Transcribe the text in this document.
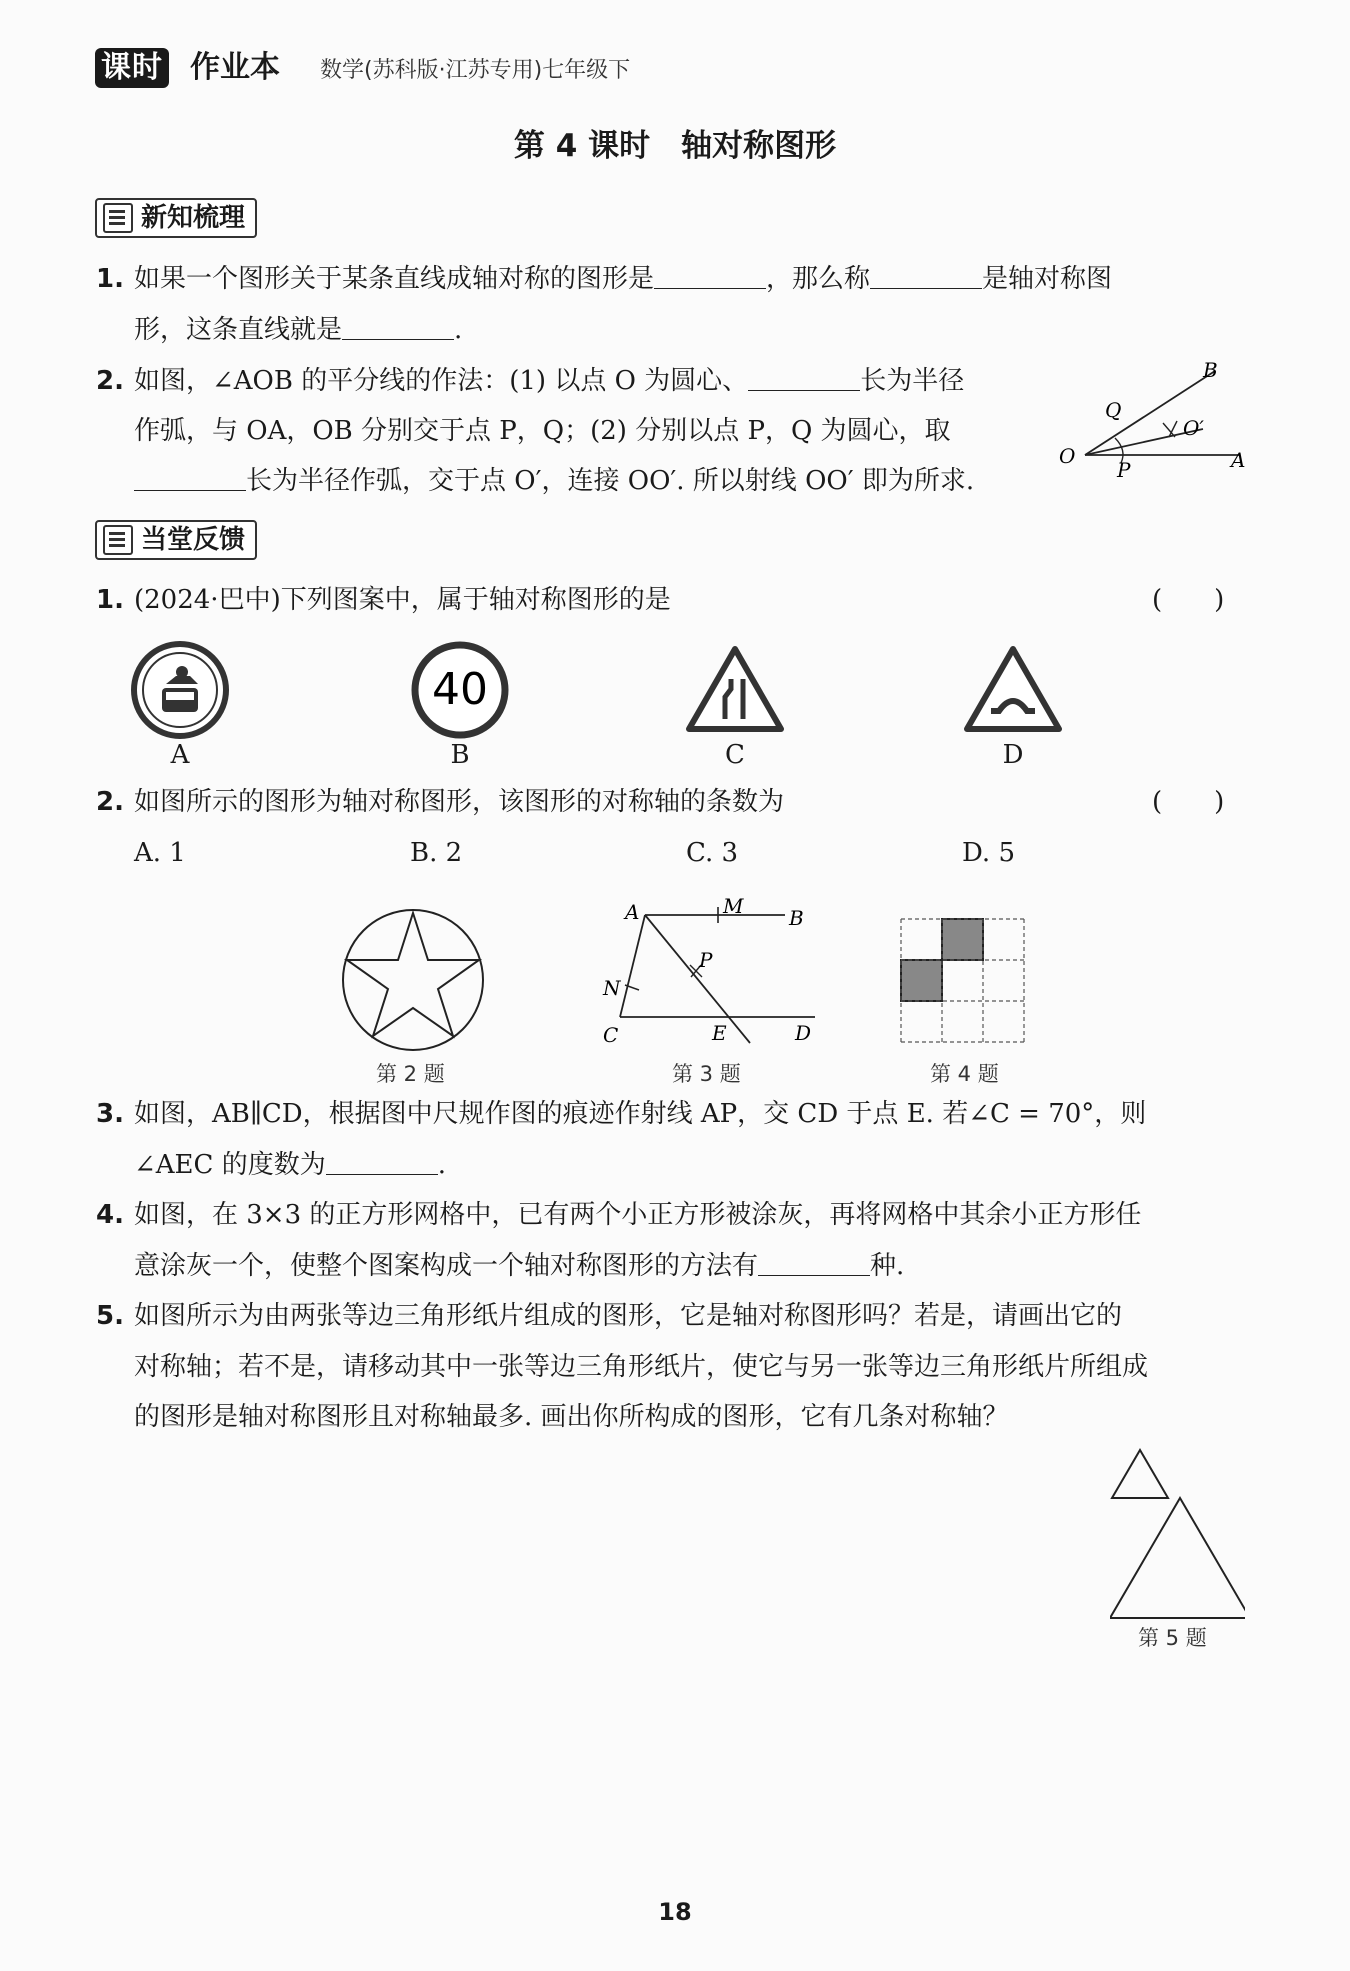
课时 作业本 数学(苏科版·江苏专用)七年级下
第 4 课时　轴对称图形
新知梳理
1. 如果一个图形关于某条直线成轴对称的图形是	，那么称	是轴对称图
形，这条直线就是	.
2. 如图，∠AOB 的平分线的作法：(1) 以点 O 为圆心、	长为半径
作弧，与 OA，OB 分别交于点 P，Q；(2) 分别以点 P，Q 为圆心，取
长为半径作弧，交于点 O′，连接 OO′. 所以射线 OO′ 即为所求.
B
Q
O′
O
P	A
当堂反馈
1. (2024·巴中)下列图案中，属于轴对称图形的是	(　　)
40
A	B	C	D
2. 如图所示的图形为轴对称图形，该图形的对称轴的条数为	(　　)
A. 1	B. 2	C. 3	D. 5
第 2 题
A	M B
P
N
C	E	D
第 3 题	第 4 题
3. 如图，AB∥CD，根据图中尺规作图的痕迹作射线 AP，交 CD 于点 E. 若∠C = 70°，则
∠AEC 的度数为	.
4. 如图，在 3×3 的正方形网格中，已有两个小正方形被涂灰，再将网格中其余小正方形任
意涂灰一个，使整个图案构成一个轴对称图形的方法有	种.
5. 如图所示为由两张等边三角形纸片组成的图形，它是轴对称图形吗？若是，请画出它的
对称轴；若不是，请移动其中一张等边三角形纸片，使它与另一张等边三角形纸片所组成
的图形是轴对称图形且对称轴最多. 画出你所构成的图形，它有几条对称轴？
第 5 题
18
